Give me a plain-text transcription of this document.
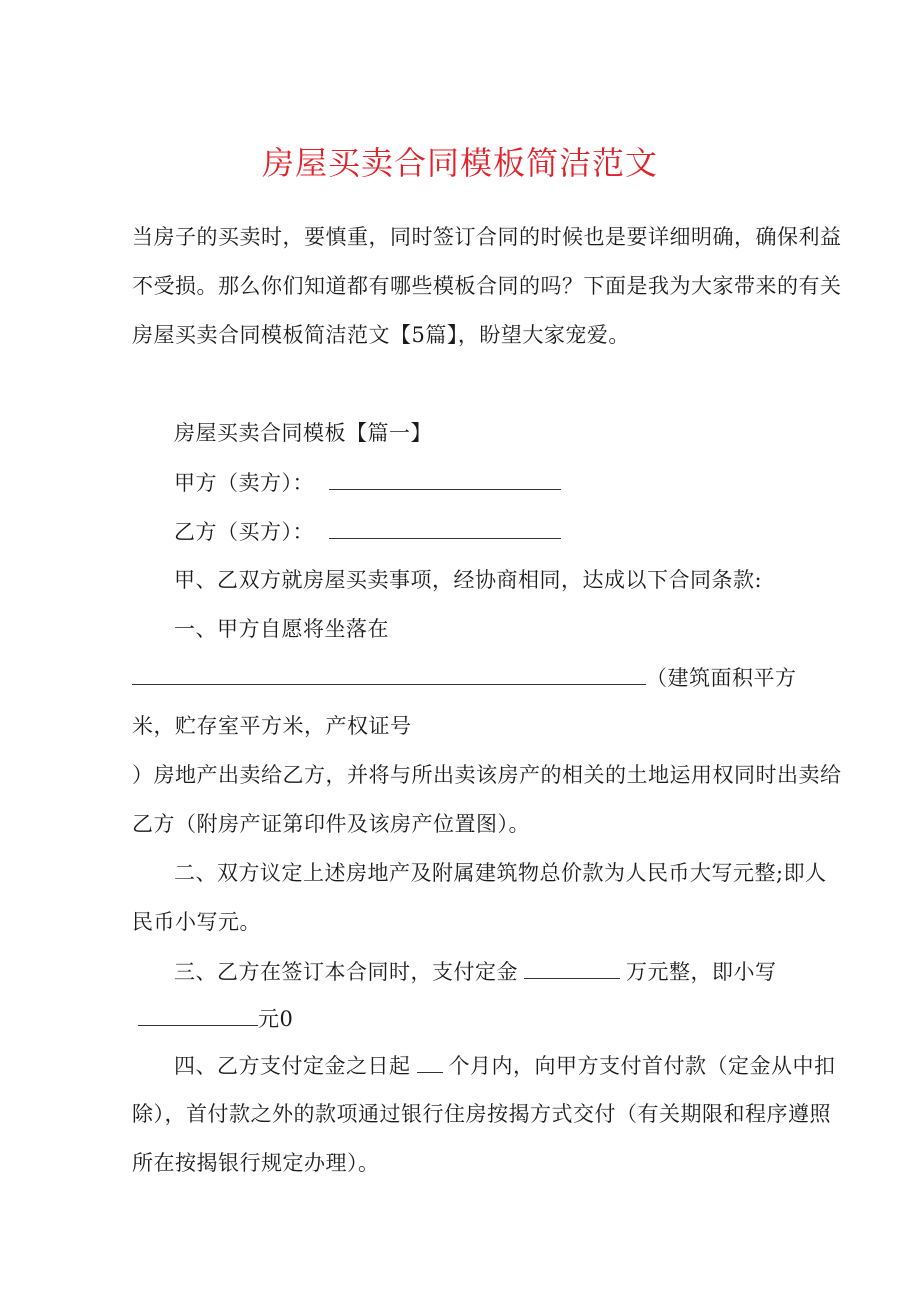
房屋买卖合同模板简洁范文
当房子的买卖时，要慎重，同时签订合同的时候也是要详细明确，确保利益
不受损。那么你们知道都有哪些模板合同的吗？下面是我为大家带来的有关
房屋买卖合同模板简洁范文【5篇】，盼望大家宠爱。
房屋买卖合同模板【篇一】
甲方（卖方）：
乙方（买方）：
甲、乙双方就房屋买卖事项，经协商相同，达成以下合同条款:
一、甲方自愿将坐落在
（建筑面积平方
米，贮存室平方米，产权证号
）房地产出卖给乙方，并将与所出卖该房产的相关的土地运用权同时出卖给
乙方（附房产证第印件及该房产位置图）。
二、双方议定上述房地产及附属建筑物总价款为人民币大写元整;即人
民币小写元。
三、乙方在签订本合同时，支付定金	万元整，即小写
元0
四、乙方支付定金之日起 个月内，向甲方支付首付款（定金从中扣
除），首付款之外的款项通过银行住房按揭方式交付（有关期限和程序遵照
所在按揭银行规定办理）。
